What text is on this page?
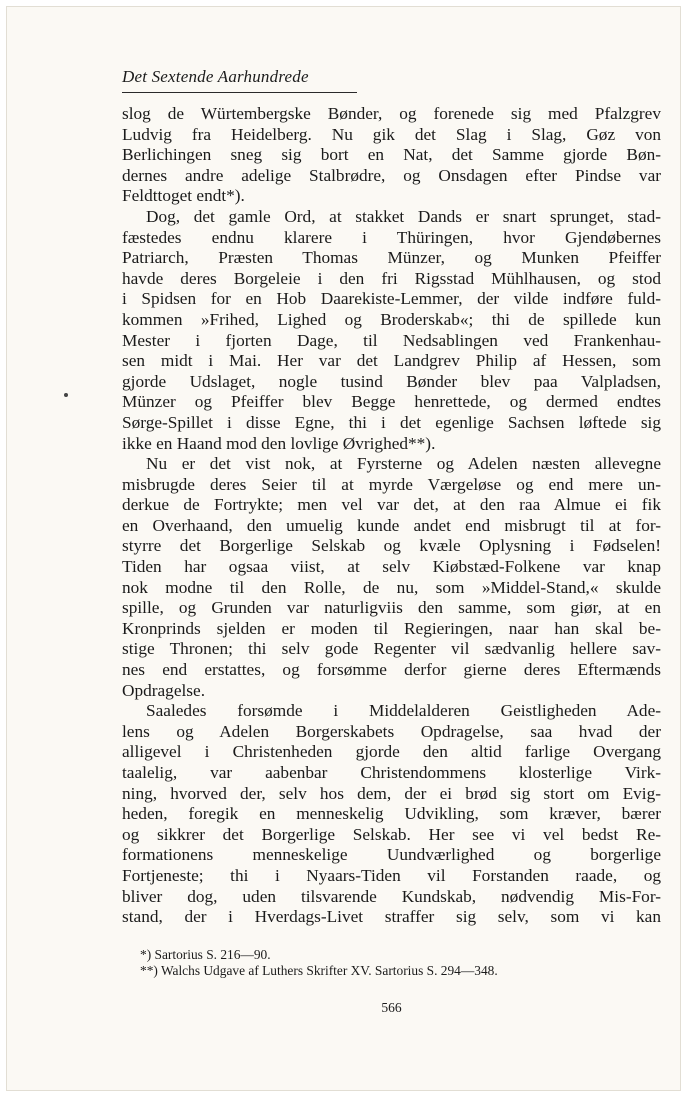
Det Sextende Aarhundrede
slog de Würtembergske Bønder, og forenede sig med Pfalzgrev
Ludvig fra Heidelberg. Nu gik det Slag i Slag, Gøz von
Berlichingen sneg sig bort en Nat, det Samme gjorde Bøn-
dernes andre adelige Stalbrødre, og Onsdagen efter Pindse var
Feldttoget endt*).
Dog, det gamle Ord, at stakket Dands er snart sprunget, stad-
fæstedes endnu klarere i Thüringen, hvor Gjendøbernes
Patriarch, Præsten Thomas Münzer, og Munken Pfeiffer
havde deres Borgeleie i den fri Rigsstad Mühlhausen, og stod
i Spidsen for en Hob Daarekiste-Lemmer, der vilde indføre fuld-
kommen »Frihed, Lighed og Broderskab«; thi de spillede kun
Mester i fjorten Dage, til Nedsablingen ved Frankenhau-
sen midt i Mai. Her var det Landgrev Philip af Hessen, som
gjorde Udslaget, nogle tusind Bønder blev paa Valpladsen,
Münzer og Pfeiffer blev Begge henrettede, og dermed endtes
Sørge-Spillet i disse Egne, thi i det egenlige Sachsen løftede sig
ikke en Haand mod den lovlige Øvrighed**).
Nu er det vist nok, at Fyrsterne og Adelen næsten allevegne
misbrugde deres Seier til at myrde Værgeløse og end mere un-
derkue de Fortrykte; men vel var det, at den raa Almue ei fik
en Overhaand, den umuelig kunde andet end misbrugt til at for-
styrre det Borgerlige Selskab og kvæle Oplysning i Fødselen!
Tiden har ogsaa viist, at selv Kiøbstæd-Folkene var knap
nok modne til den Rolle, de nu, som »Middel-Stand,« skulde
spille, og Grunden var naturligviis den samme, som giør, at en
Kronprinds sjelden er moden til Regieringen, naar han skal be-
stige Thronen; thi selv gode Regenter vil sædvanlig hellere sav-
nes end erstattes, og forsømme derfor gierne deres Eftermænds
Opdragelse.
Saaledes forsømde i Middelalderen Geistligheden Ade-
lens og Adelen Borgerskabets Opdragelse, saa hvad der
alligevel i Christenheden gjorde den altid farlige Overgang
taalelig, var aabenbar Christendommens klosterlige Virk-
ning, hvorved der, selv hos dem, der ei brød sig stort om Evig-
heden, foregik en menneskelig Udvikling, som kræver, bærer
og sikkrer det Borgerlige Selskab. Her see vi vel bedst Re-
formationens menneskelige Uundværlighed og borgerlige
Fortjeneste; thi i Nyaars-Tiden vil Forstanden raade, og
bliver dog, uden tilsvarende Kundskab, nødvendig Mis-For-
stand, der i Hverdags-Livet straffer sig selv, som vi kan
*) Sartorius S. 216—90.
**) Walchs Udgave af Luthers Skrifter XV. Sartorius S. 294—348.
566
